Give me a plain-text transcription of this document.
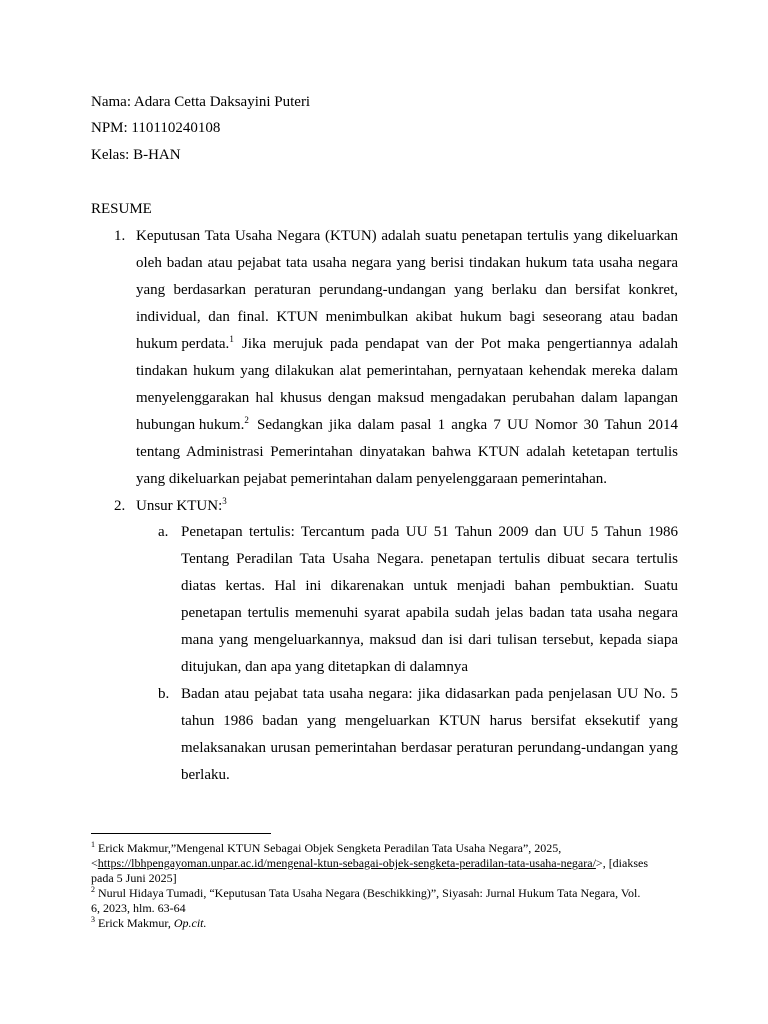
Nama: Adara Cetta Daksayini Puteri
NPM: 110110240108
Kelas: B-HAN
RESUME
1. Keputusan Tata Usaha Negara (KTUN) adalah suatu penetapan tertulis yang dikeluarkan
oleh badan atau pejabat tata usaha negara yang berisi tindakan hukum tata usaha negara
yang berdasarkan peraturan perundang-undangan yang berlaku dan bersifat konkret,
individual, dan final. KTUN menimbulkan akibat hukum bagi seseorang atau badan
hukum perdata.$^1$ Jika merujuk pada pendapat van der Pot maka pengertiannya adalah
tindakan hukum yang dilakukan alat pemerintahan, pernyataan kehendak mereka dalam
menyelenggarakan hal khusus dengan maksud mengadakan perubahan dalam lapangan
hubungan hukum.$^2$ Sedangkan jika dalam pasal 1 angka 7 UU Nomor 30 Tahun 2014
tentang Administrasi Pemerintahan dinyatakan bahwa KTUN adalah ketetapan tertulis
yang dikeluarkan pejabat pemerintahan dalam penyelenggaraan pemerintahan.
2. Unsur KTUN:$^3$
a. Penetapan tertulis: Tercantum pada UU 51 Tahun 2009 dan UU 5 Tahun 1986
Tentang Peradilan Tata Usaha Negara. penetapan tertulis dibuat secara tertulis
diatas kertas. Hal ini dikarenakan untuk menjadi bahan pembuktian. Suatu
penetapan tertulis memenuhi syarat apabila sudah jelas badan tata usaha negara
mana yang mengeluarkannya, maksud dan isi dari tulisan tersebut, kepada siapa
ditujukan, dan apa yang ditetapkan di dalamnya
b. Badan atau pejabat tata usaha negara: jika didasarkan pada penjelasan UU No. 5
tahun 1986 badan yang mengeluarkan KTUN harus bersifat eksekutif yang
melaksanakan urusan pemerintahan berdasar peraturan perundang-undangan yang
berlaku.
$^1$ Erick Makmur,”Mengenal KTUN Sebagai Objek Sengketa Peradilan Tata Usaha Negara”, 2025,
<https://lbhpengayoman.unpar.ac.id/mengenal-ktun-sebagai-objek-sengketa-peradilan-tata-usaha-negara/>, [diakses
pada 5 Juni 2025]
$^2$ Nurul Hidaya Tumadi, “Keputusan Tata Usaha Negara (Beschikking)”, Siyasah: Jurnal Hukum Tata Negara, Vol.
6, 2023, hlm. 63-64
$^3$ Erick Makmur, Op.cit.
